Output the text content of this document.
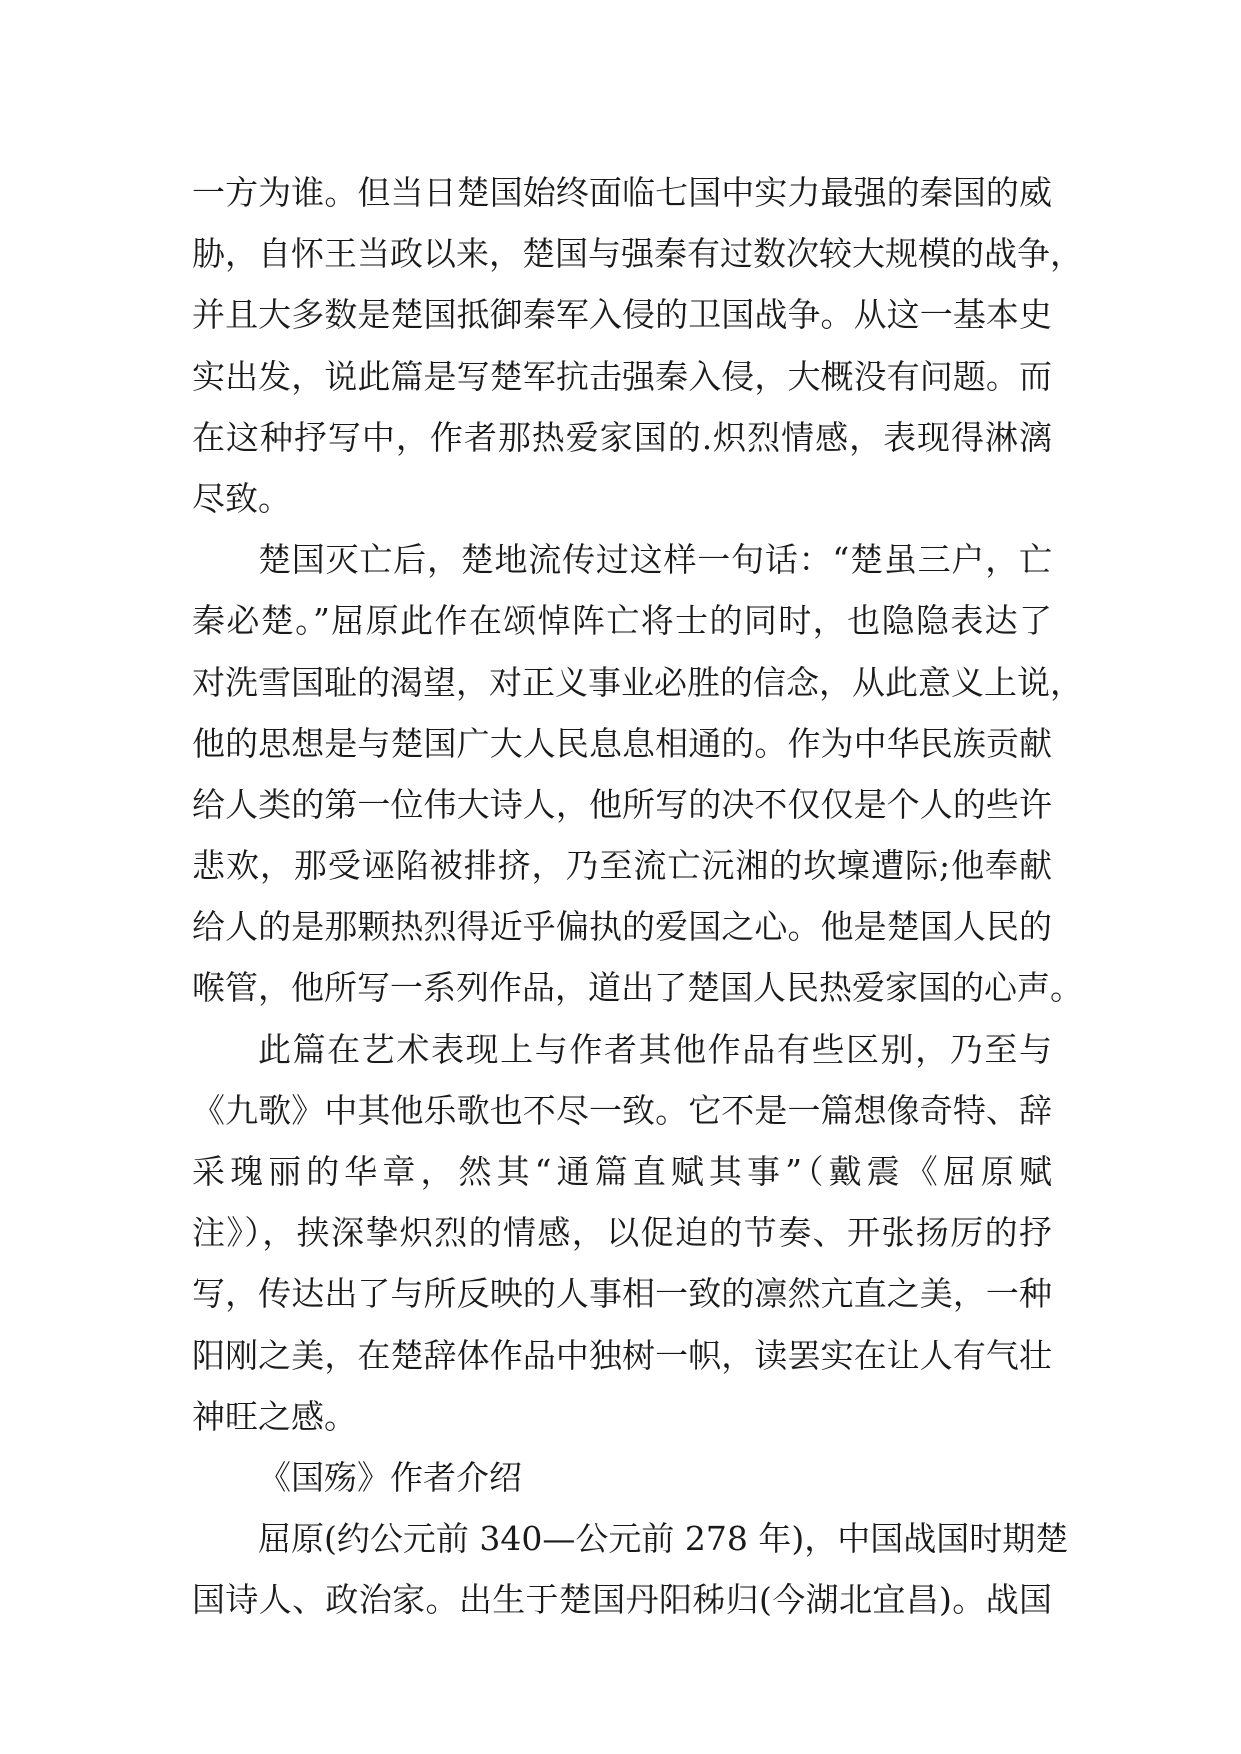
一方为谁。但当日楚国始终面临七国中实力最强的秦国的威
胁，自怀王当政以来，楚国与强秦有过数次较大规模的战争，
并且大多数是楚国抵御秦军入侵的卫国战争。从这一基本史
实出发，说此篇是写楚军抗击强秦入侵，大概没有问题。而
在这种抒写中，作者那热爱家国的.炽烈情感，表现得淋漓
尽致。
楚国灭亡后，楚地流传过这样一句话：“楚虽三户，亡
秦必楚。”屈原此作在颂悼阵亡将士的同时，也隐隐表达了
对洗雪国耻的渴望，对正义事业必胜的信念，从此意义上说，
他的思想是与楚国广大人民息息相通的。作为中华民族贡献
给人类的第一位伟大诗人，他所写的决不仅仅是个人的些许
悲欢，那受诬陷被排挤，乃至流亡沅湘的坎壈遭际;他奉献
给人的是那颗热烈得近乎偏执的爱国之心。他是楚国人民的
喉管，他所写一系列作品，道出了楚国人民热爱家国的心声。
此篇在艺术表现上与作者其他作品有些区别，乃至与
《九歌》中其他乐歌也不尽一致。它不是一篇想像奇特、辞
采瑰丽的华章，然其“通篇直赋其事”（戴震《屈原赋
注》），挟深挚炽烈的情感，以促迫的节奏、开张扬厉的抒
写，传达出了与所反映的人事相一致的凛然亢直之美，一种
阳刚之美，在楚辞体作品中独树一帜，读罢实在让人有气壮
神旺之感。
《国殇》作者介绍
屈原(约公元前 340—公元前 278 年)，中国战国时期楚
国诗人、政治家。出生于楚国丹阳秭归(今湖北宜昌)。战国
